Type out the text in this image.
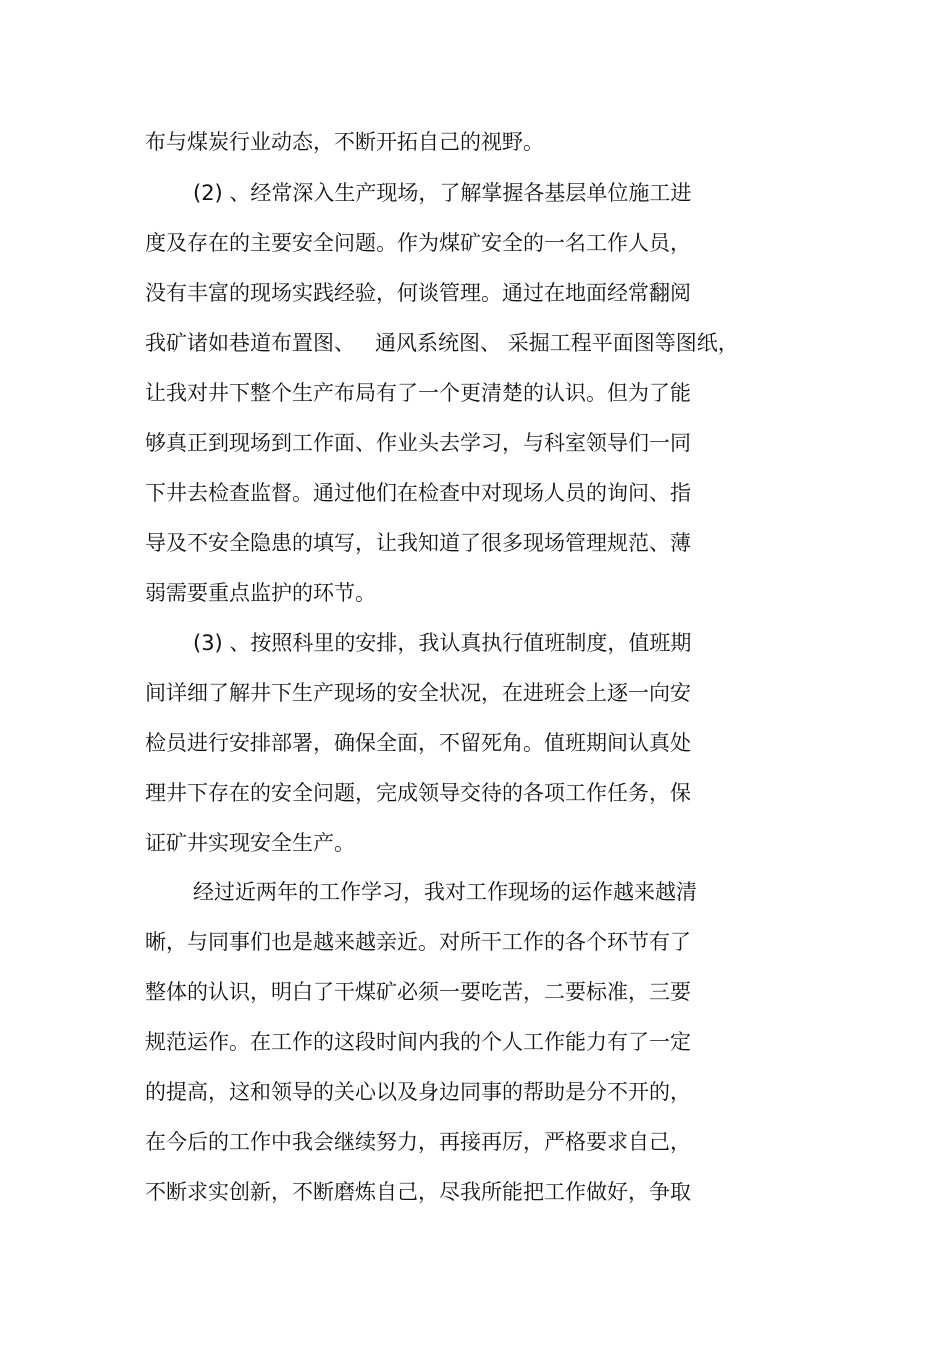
布与煤炭行业动态，不断开拓自己的视野。
(2) 、经常深入生产现场，了解掌握各基层单位施工进
度及存在的主要安全问题。作为煤矿安全的一名工作人员，
没有丰富的现场实践经验，何谈管理。通过在地面经常翻阅
我矿诸如巷道布置图、   通风系统图、 采掘工程平面图等图纸，
让我对井下整个生产布局有了一个更清楚的认识。但为了能
够真正到现场到工作面、作业头去学习，与科室领导们一同
下井去检查监督。通过他们在检查中对现场人员的询问、指
导及不安全隐患的填写，让我知道了很多现场管理规范、薄
弱需要重点监护的环节。
(3) 、按照科里的安排，我认真执行值班制度，值班期
间详细了解井下生产现场的安全状况，在进班会上逐一向安
检员进行安排部署，确保全面，不留死角。值班期间认真处
理井下存在的安全问题，完成领导交待的各项工作任务，保
证矿井实现安全生产。
经过近两年的工作学习，我对工作现场的运作越来越清
晰，与同事们也是越来越亲近。对所干工作的各个环节有了
整体的认识，明白了干煤矿必须一要吃苦，二要标准，三要
规范运作。在工作的这段时间内我的个人工作能力有了一定
的提高，这和领导的关心以及身边同事的帮助是分不开的，
在今后的工作中我会继续努力，再接再厉，严格要求自己，
不断求实创新，不断磨炼自己，尽我所能把工作做好，争取
